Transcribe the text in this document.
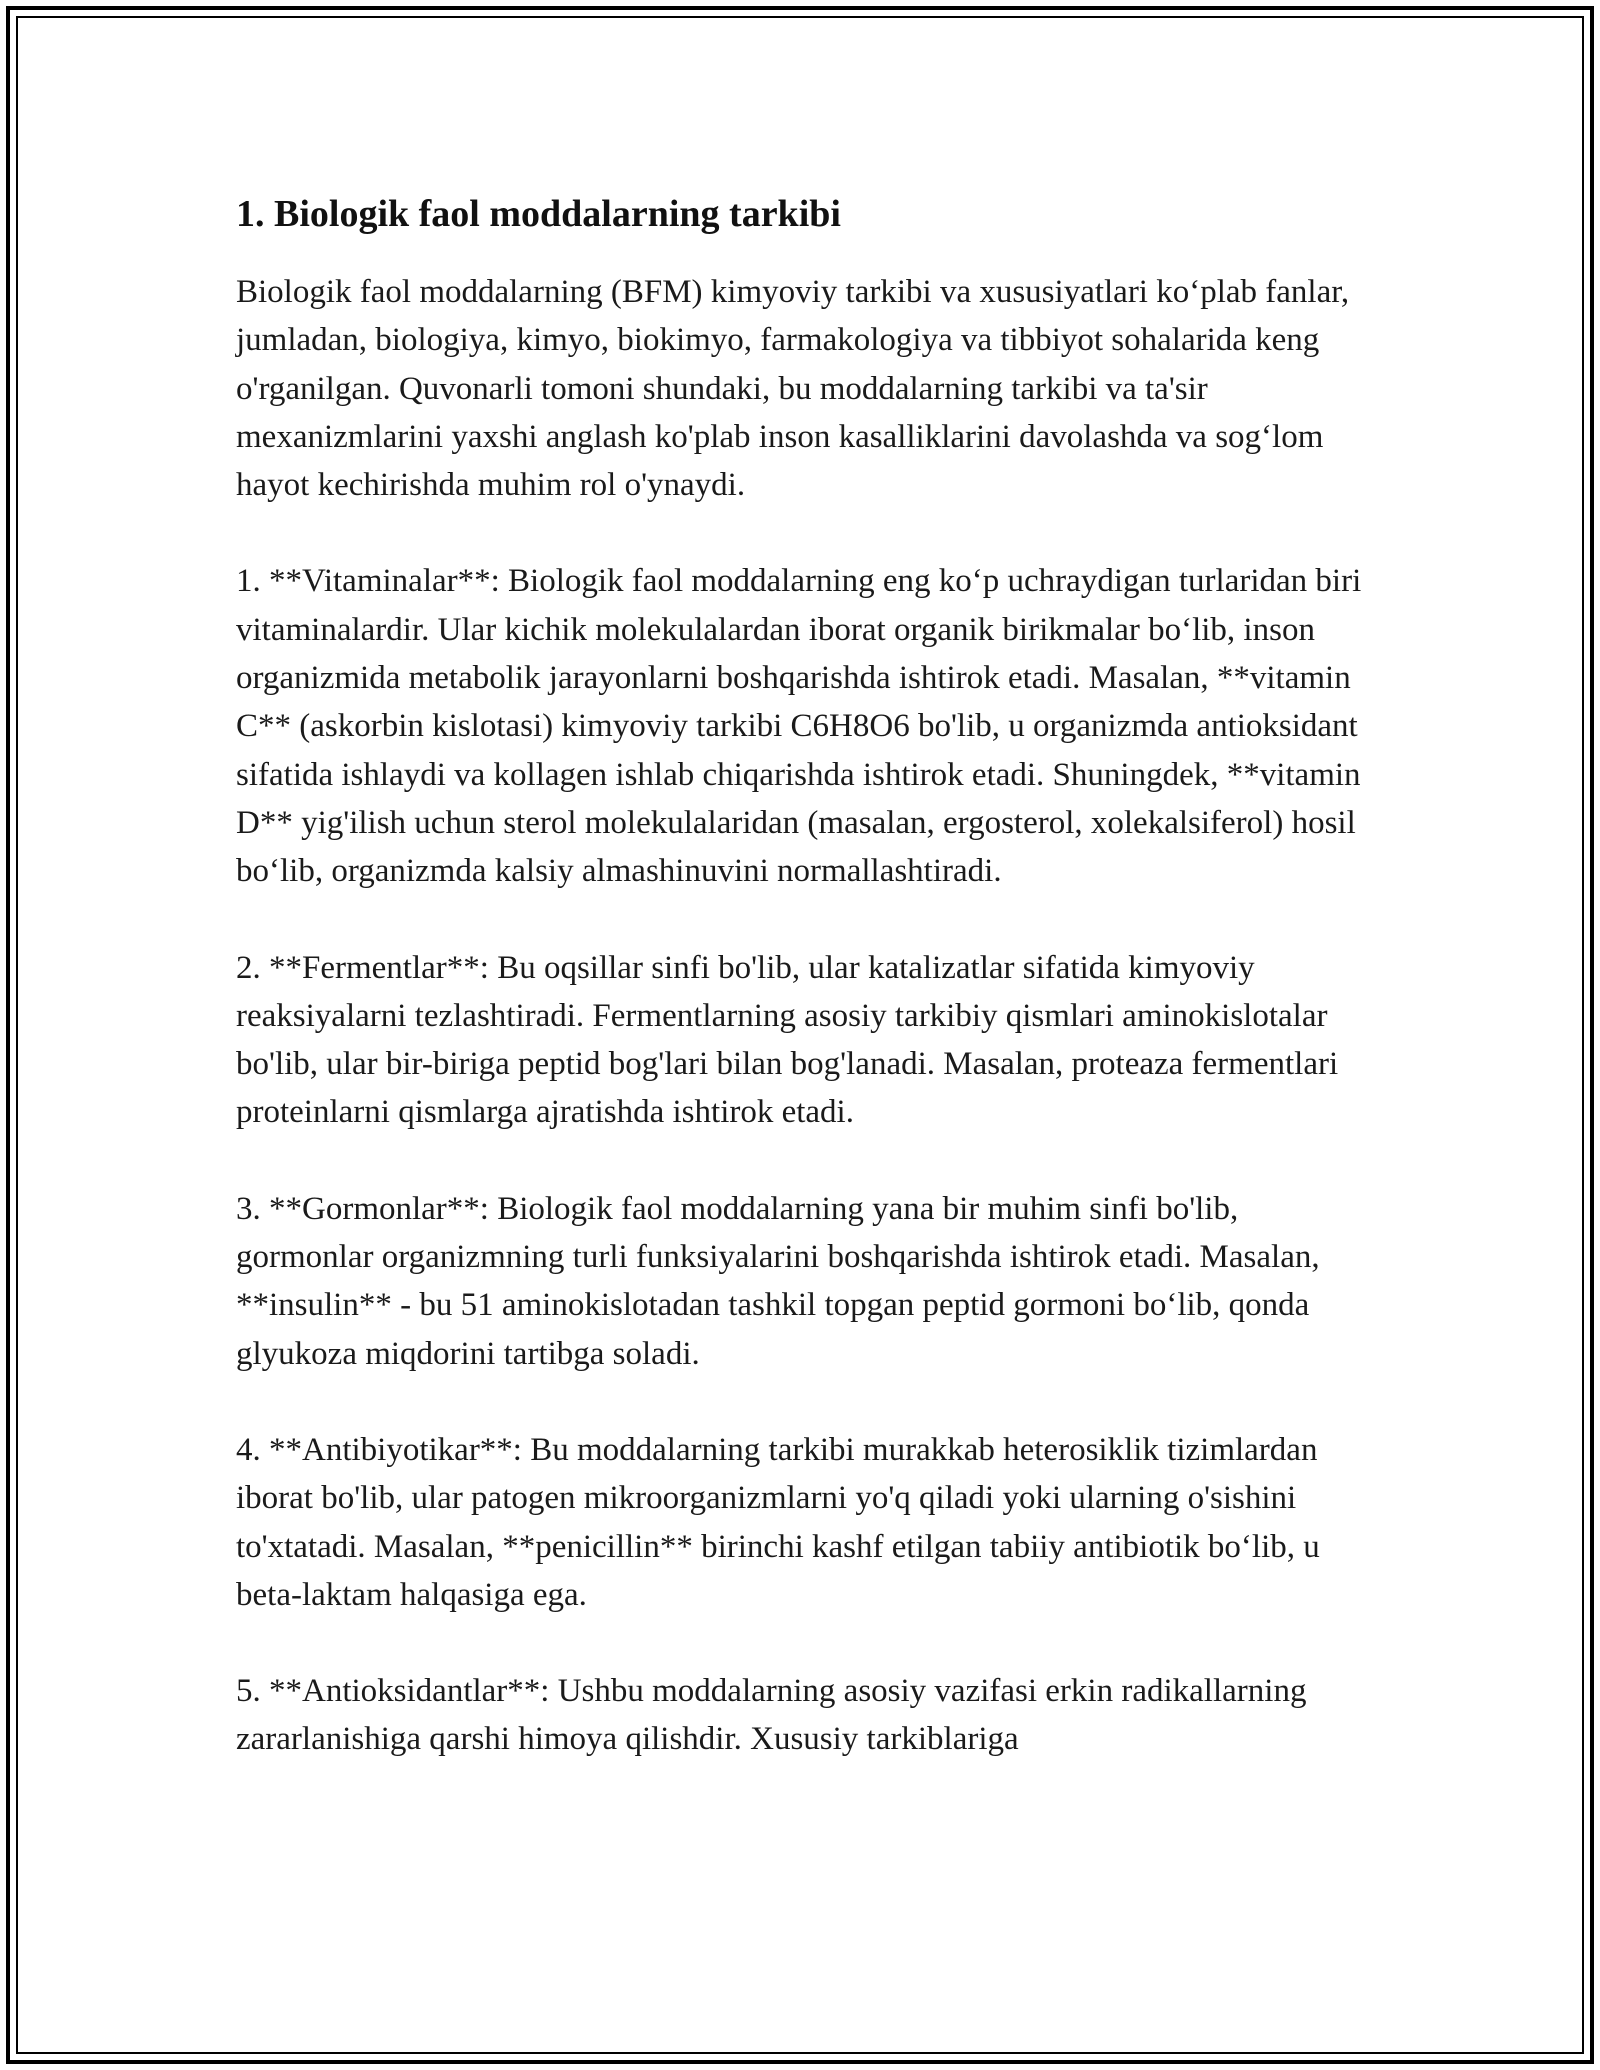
1. Biologik faol moddalarning tarkibi

Biologik faol moddalarning (BFM) kimyoviy tarkibi va xususiyatlari ko‘plab fanlar, jumladan, biologiya, kimyo, biokimyo, farmakologiya va tibbiyot sohalarida keng o'rganilgan. Quvonarli tomoni shundaki, bu moddalarning tarkibi va ta'sir mexanizmlarini yaxshi anglash ko'plab inson kasalliklarini davolashda va sog‘lom hayot kechirishda muhim rol o'ynaydi.

1. **Vitaminalar**: Biologik faol moddalarning eng ko‘p uchraydigan turlaridan biri vitaminalardir. Ular kichik molekulalardan iborat organik birikmalar bo‘lib, inson organizmida metabolik jarayonlarni boshqarishda ishtirok etadi. Masalan, **vitamin C** (askorbin kislotasi) kimyoviy tarkibi C6H8O6 bo'lib, u organizmda antioksidant sifatida ishlaydi va kollagen ishlab chiqarishda ishtirok etadi. Shuningdek, **vitamin D** yig'ilish uchun sterol molekulalaridan (masalan, ergosterol, xolekalsiferol) hosil bo‘lib, organizmda kalsiy almashinuvini normallashtiradi.

2. **Fermentlar**: Bu oqsillar sinfi bo'lib, ular katalizatlar sifatida kimyoviy reaksiyalarni tezlashtiradi. Fermentlarning asosiy tarkibiy qismlari aminokislotalar bo'lib, ular bir-biriga peptid bog'lari bilan bog'lanadi. Masalan, proteaza fermentlari proteinlarni qismlarga ajratishda ishtirok etadi.

3. **Gormonlar**: Biologik faol moddalarning yana bir muhim sinfi bo'lib, gormonlar organizmning turli funksiyalarini boshqarishda ishtirok etadi. Masalan, **insulin** - bu 51 aminokislotadan tashkil topgan peptid gormoni bo‘lib, qonda glyukoza miqdorini tartibga soladi.

4. **Antibiyotikar**: Bu moddalarning tarkibi murakkab heterosiklik tizimlardan iborat bo'lib, ular patogen mikroorganizmlarni yo'q qiladi yoki ularning o'sishini to'xtatadi. Masalan, **penicillin** birinchi kashf etilgan tabiiy antibiotik bo‘lib, u beta-laktam halqasiga ega.

5. **Antioksidantlar**: Ushbu moddalarning asosiy vazifasi erkin radikallarning zararlanishiga qarshi himoya qilishdir. Xususiy tarkiblariga
